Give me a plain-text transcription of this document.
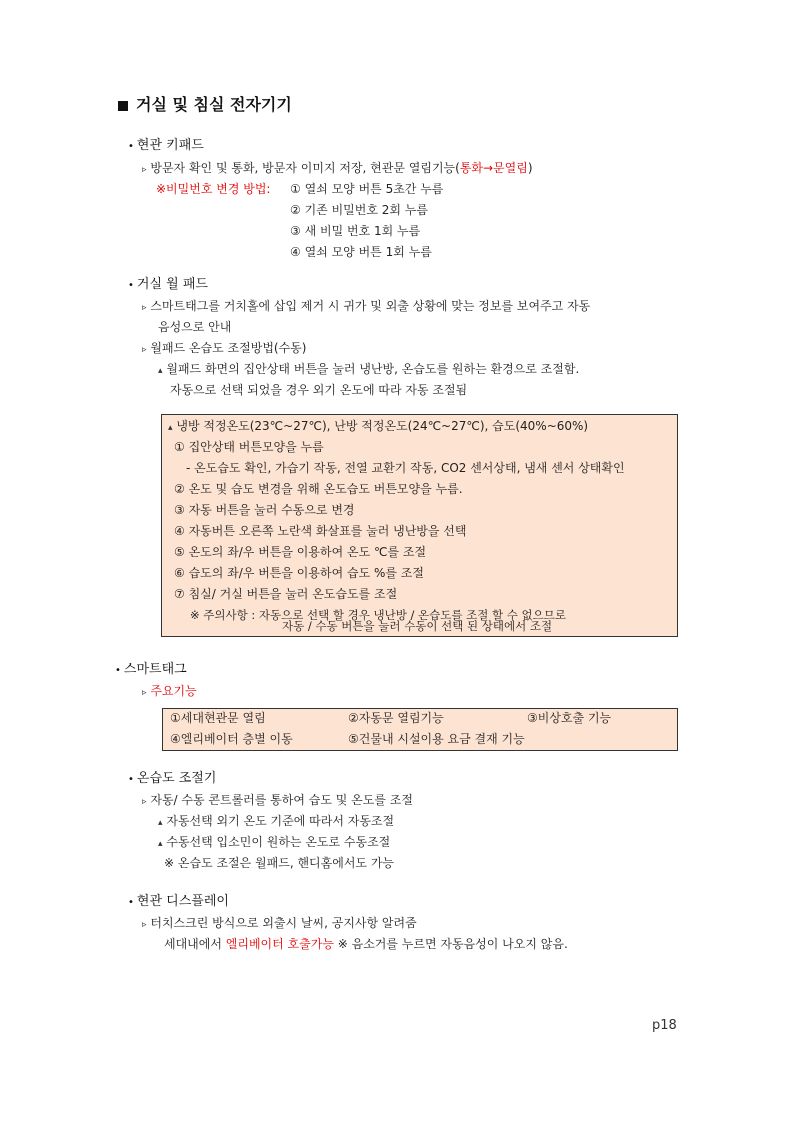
거실 및 침실 전자기기
• 현관 키패드
▹ 방문자 확인 및 통화, 방문자 이미지 저장, 현관문 열림기능(통화→문열림)
※비밀번호 변경 방법: ① 열쇠 모양 버튼 5초간 누름
② 기존 비밀번호 2회 누름
③ 새 비밀 번호 1회 누름
④ 열쇠 모양 버튼 1회 누름
• 거실 월 패드
▹ 스마트태그를 거치홀에 삽입 제거 시 귀가 및 외출 상황에 맞는 정보를 보여주고 자동
음성으로 안내
▹ 월패드 온습도 조절방법(수동)
▴ 월패드 화면의 집안상태 버튼을 눌러 냉난방, 온습도를 원하는 환경으로 조절함.
자동으로 선택 되었을 경우 외기 온도에 따라 자동 조절됨
▴ 냉방 적정온도(23℃~27℃), 난방 적정온도(24℃~27℃), 습도(40%~60%)
① 집안상태 버튼모양을 누름
- 온도습도 확인, 가습기 작동, 전열 교환기 작동, CO2 센서상태, 냄새 센서 상태확인
② 온도 및 습도 변경을 위해 온도습도 버튼모양을 누름.
③ 자동 버튼을 눌러 수동으로 변경
④ 자동버튼 오른쪽 노란색 화살표를 눌러 냉난방을 선택
⑤ 온도의 좌/우 버튼을 이용하여 온도 ℃를 조절
⑥ 습도의 좌/우 버튼을 이용하여 습도 %를 조절
⑦ 침실/ 거실 버튼을 눌러 온도습도를 조절
※ 주의사항 : 자동으로 선택 할 경우 냉난방 / 온습도를 조절 할 수 없으므로
자동 / 수동 버튼을 눌러 수동이 선택 된 상태에서 조절
• 스마트태그
▹ 주요기능
①세대현관문 열림	②자동문 열림기능	③비상호출 기능
④엘리베이터 층별 이동	⑤건물내 시설이용 요금 결재 기능
• 온습도 조절기
▹ 자동/ 수동 콘트롤러를 통하여 습도 및 온도를 조절
▴ 자동선택 외기 온도 기준에 따라서 자동조절
▴ 수동선택 입소민이 원하는 온도로 수동조절
※ 온습도 조절은 월패드, 핸디홈에서도 가능
• 현관 디스플레이
▹ 터치스크린 방식으로 외출시 날씨, 공지사항 알려줌
세대내에서 엘리베이터 호출가능 ※ 음소거를 누르면 자동음성이 나오지 않음.
p18
